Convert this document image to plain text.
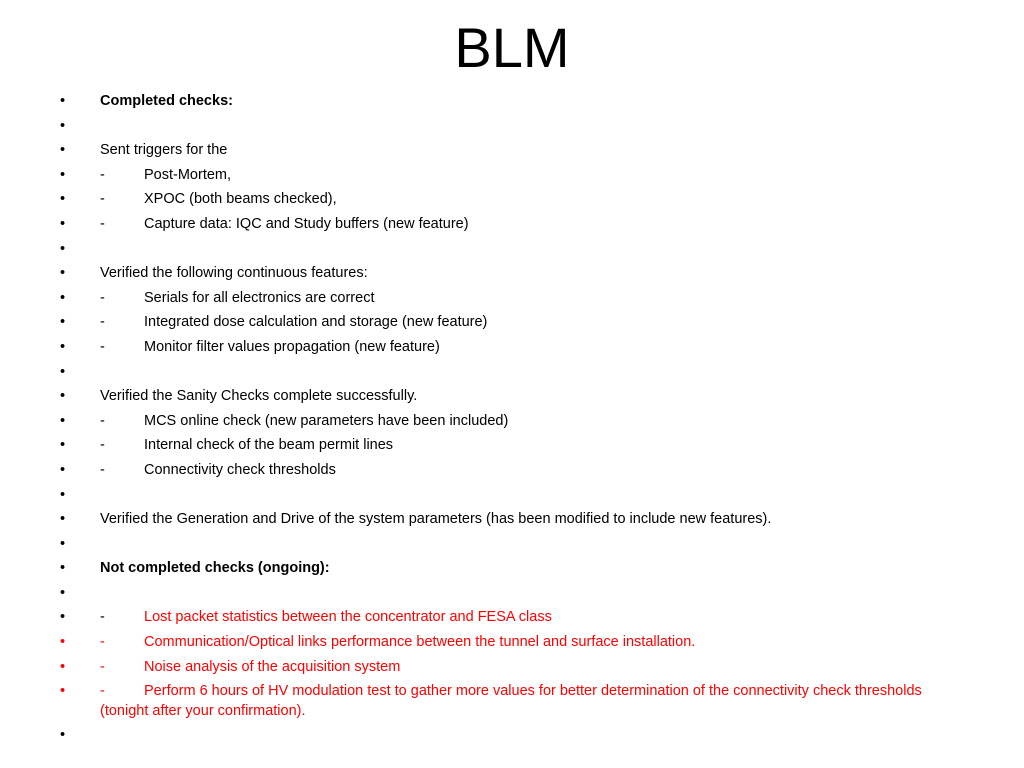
BLM
•	Completed checks:
•
•	Sent triggers for the
•	-	Post-Mortem,
•	-	XPOC (both beams checked),
•	-	Capture data: IQC and Study buffers (new feature)
•
•	Verified the following continuous features:
•	-	Serials for all electronics are correct
•	-	Integrated dose calculation and storage (new feature)
•	-	Monitor filter values propagation (new feature)
•
•	Verified the Sanity Checks complete successfully.
•	-	MCS online check (new parameters have been included)
•	-	Internal check of the beam permit lines
•	-	Connectivity check thresholds
•
•	Verified the Generation and Drive of the system parameters (has been modified to include new features).
•
•	Not completed checks (ongoing):
•
•	-	Lost packet statistics between the concentrator and FESA class
•	-	Communication/Optical links performance between the tunnel and surface installation.
•	-	Noise analysis of the acquisition system
•	-	Perform 6 hours of HV modulation test to gather more values for better determination of the connectivity check thresholds (tonight after your confirmation).
•
